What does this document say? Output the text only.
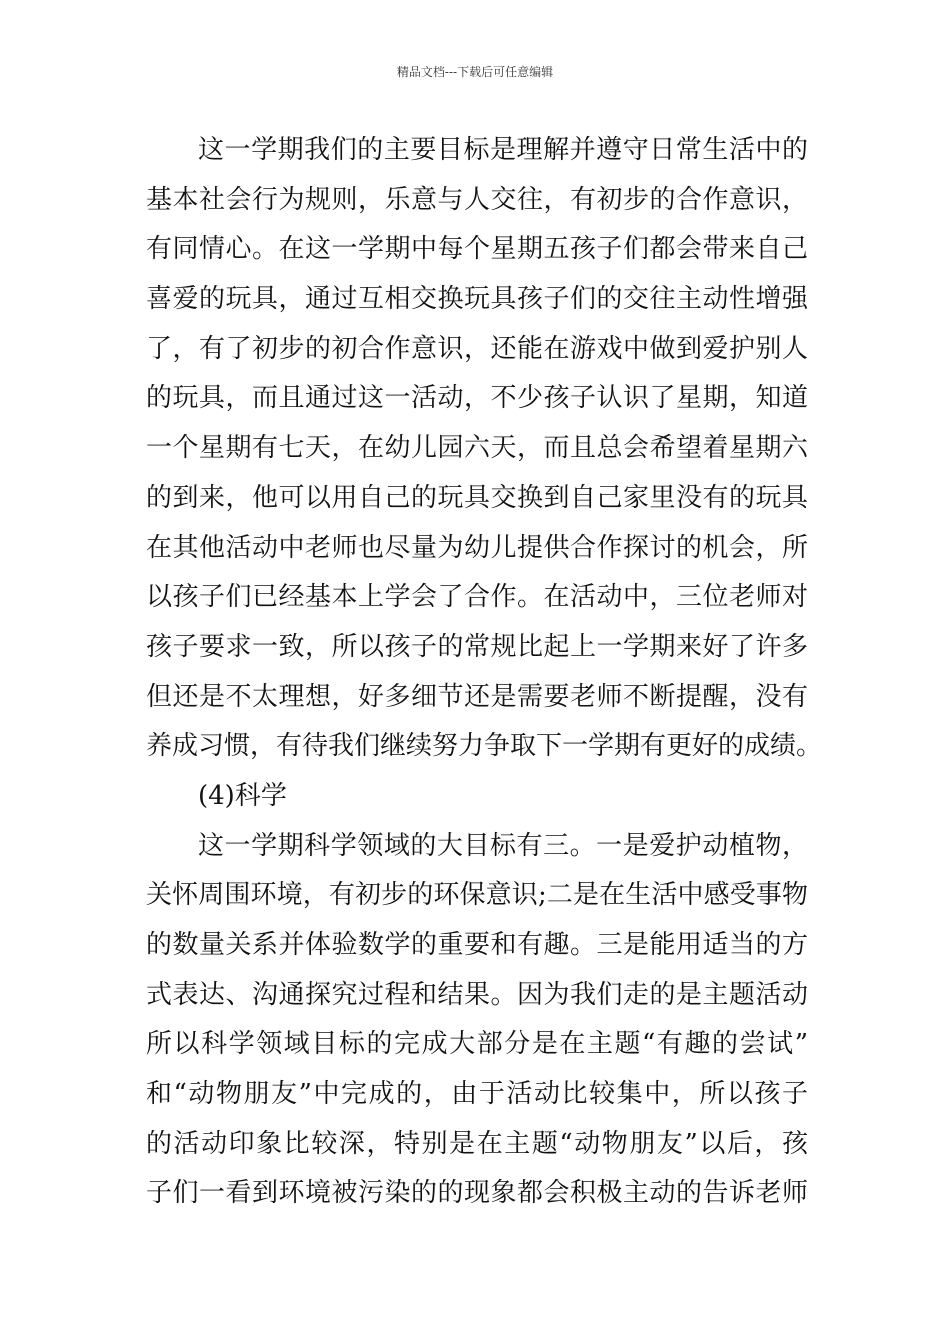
精品文档---下载后可任意编辑
这一学期我们的主要目标是理解并遵守日常生活中的
基本社会行为规则，乐意与人交往，有初步的合作意识，
有同情心。在这一学期中每个星期五孩子们都会带来自己
喜爱的玩具，通过互相交换玩具孩子们的交往主动性增强
了，有了初步的初合作意识，还能在游戏中做到爱护别人
的玩具，而且通过这一活动，不少孩子认识了星期，知道
一个星期有七天，在幼儿园六天，而且总会希望着星期六
的到来，他可以用自己的玩具交换到自己家里没有的玩具
在其他活动中老师也尽量为幼儿提供合作探讨的机会，所
以孩子们已经基本上学会了合作。在活动中，三位老师对
孩子要求一致，所以孩子的常规比起上一学期来好了许多
但还是不太理想，好多细节还是需要老师不断提醒，没有
养成习惯，有待我们继续努力争取下一学期有更好的成绩。
(4)科学
这一学期科学领域的大目标有三。一是爱护动植物，
关怀周围环境，有初步的环保意识;二是在生活中感受事物
的数量关系并体验数学的重要和有趣。三是能用适当的方
式表达、沟通探究过程和结果。因为我们走的是主题活动
所以科学领域目标的完成大部分是在主题“有趣的尝试”
和“动物朋友”中完成的，由于活动比较集中，所以孩子
的活动印象比较深，特别是在主题“动物朋友”以后，孩
子们一看到环境被污染的的现象都会积极主动的告诉老师
